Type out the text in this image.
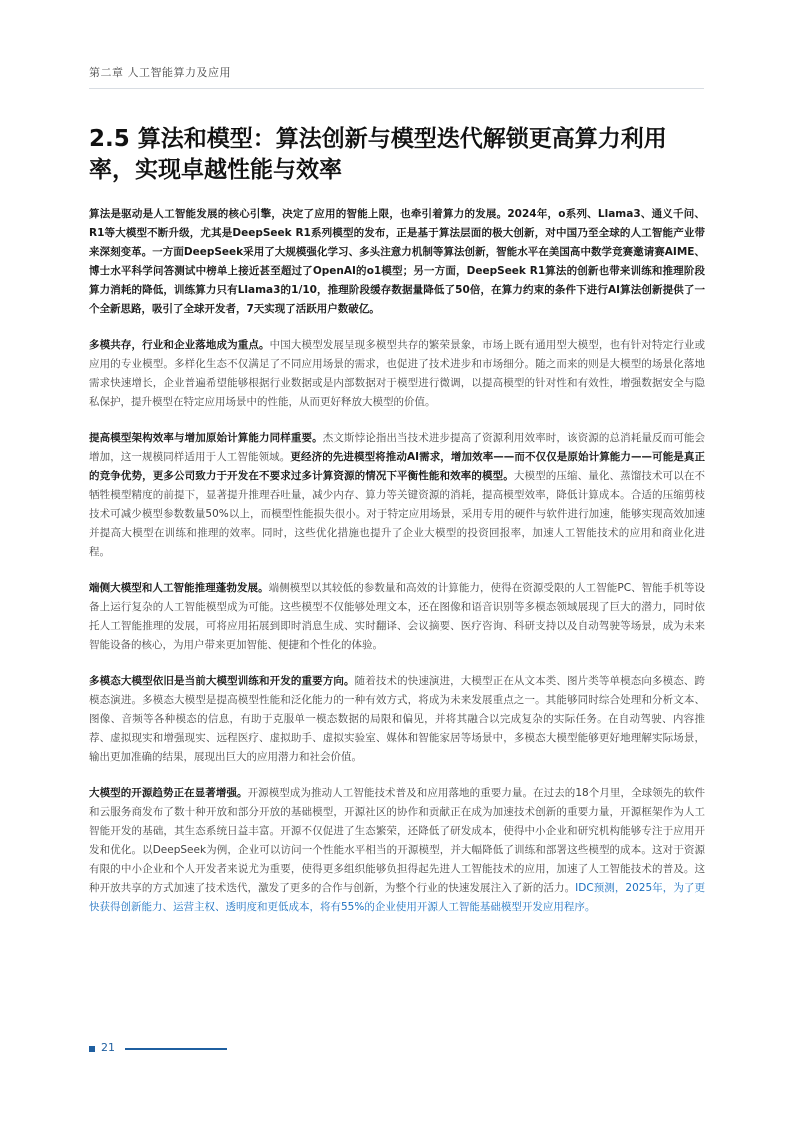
第二章 人工智能算力及应用
2.5 算法和模型：算法创新与模型迭代解锁更高算力利用率，实现卓越性能与效率

算法是驱动是人工智能发展的核心引擎，决定了应用的智能上限，也牵引着算力的发展。2024年，o系列、Llama3、通义千问、R1等大模型不断升级，尤其是DeepSeek R1系列模型的发布，正是基于算法层面的极大创新，对中国乃至全球的人工智能产业带来深刻变革。一方面DeepSeek采用了大规模强化学习、多头注意力机制等算法创新，智能水平在美国高中数学竞赛邀请赛AIME、博士水平科学问答测试中榜单上接近甚至超过了OpenAI的o1模型；另一方面，DeepSeek R1算法的创新也带来训练和推理阶段算力消耗的降低，训练算力只有Llama3的1/10，推理阶段缓存数据量降低了50倍，在算力约束的条件下进行AI算法创新提供了一个全新思路，吸引了全球开发者，7天实现了活跃用户数破亿。

多模共存，行业和企业落地成为重点。中国大模型发展呈现多模型共存的繁荣景象，市场上既有通用型大模型，也有针对特定行业或应用的专业模型。多样化生态不仅满足了不同应用场景的需求，也促进了技术进步和市场细分。随之而来的则是大模型的场景化落地需求快速增长，企业普遍希望能够根据行业数据或是内部数据对于模型进行微调，以提高模型的针对性和有效性，增强数据安全与隐私保护，提升模型在特定应用场景中的性能，从而更好释放大模型的价值。

提高模型架构效率与增加原始计算能力同样重要。杰文斯悖论指出当技术进步提高了资源利用效率时，该资源的总消耗量反而可能会增加，这一规模同样适用于人工智能领域。更经济的先进模型将推动AI需求，增加效率——而不仅仅是原始计算能力——可能是真正的竞争优势，更多公司致力于开发在不要求过多计算资源的情况下平衡性能和效率的模型。大模型的压缩、量化、蒸馏技术可以在不牺牲模型精度的前提下，显著提升推理吞吐量，减少内存、算力等关键资源的消耗，提高模型效率，降低计算成本。合适的压缩剪枝技术可减少模型参数数量50%以上，而模型性能损失很小。对于特定应用场景，采用专用的硬件与软件进行加速，能够实现高效加速并提高大模型在训练和推理的效率。同时，这些优化措施也提升了企业大模型的投资回报率，加速人工智能技术的应用和商业化进程。

端侧大模型和人工智能推理蓬勃发展。端侧模型以其较低的参数量和高效的计算能力，使得在资源受限的人工智能PC、智能手机等设备上运行复杂的人工智能模型成为可能。这些模型不仅能够处理文本，还在图像和语音识别等多模态领域展现了巨大的潜力，同时依托人工智能推理的发展，可将应用拓展到即时消息生成、实时翻译、会议摘要、医疗咨询、科研支持以及自动驾驶等场景，成为未来智能设备的核心，为用户带来更加智能、便捷和个性化的体验。

多模态大模型依旧是当前大模型训练和开发的重要方向。随着技术的快速演进，大模型正在从文本类、图片类等单模态向多模态、跨模态演进。多模态大模型是提高模型性能和泛化能力的一种有效方式，将成为未来发展重点之一。其能够同时综合处理和分析文本、图像、音频等各种模态的信息，有助于克服单一模态数据的局限和偏见，并将其融合以完成复杂的实际任务。在自动驾驶、内容推荐、虚拟现实和增强现实、远程医疗、虚拟助手、虚拟实验室、媒体和智能家居等场景中，多模态大模型能够更好地理解实际场景，输出更加准确的结果，展现出巨大的应用潜力和社会价值。

大模型的开源趋势正在显著增强。开源模型成为推动人工智能技术普及和应用落地的重要力量。在过去的18个月里，全球领先的软件和云服务商发布了数十种开放和部分开放的基础模型，开源社区的协作和贡献正在成为加速技术创新的重要力量，开源框架作为人工智能开发的基础，其生态系统日益丰富。开源不仅促进了生态繁荣，还降低了研发成本，使得中小企业和研究机构能够专注于应用开发和优化。以DeepSeek为例，企业可以访问一个性能水平相当的开源模型，并大幅降低了训练和部署这些模型的成本。这对于资源有限的中小企业和个人开发者来说尤为重要，使得更多组织能够负担得起先进人工智能技术的应用，加速了人工智能技术的普及。这种开放共享的方式加速了技术迭代，激发了更多的合作与创新，为整个行业的快速发展注入了新的活力。IDC预测，2025年，为了更快获得创新能力、运营主权、透明度和更低成本，将有55%的企业使用开源人工智能基础模型开发应用程序。

21
